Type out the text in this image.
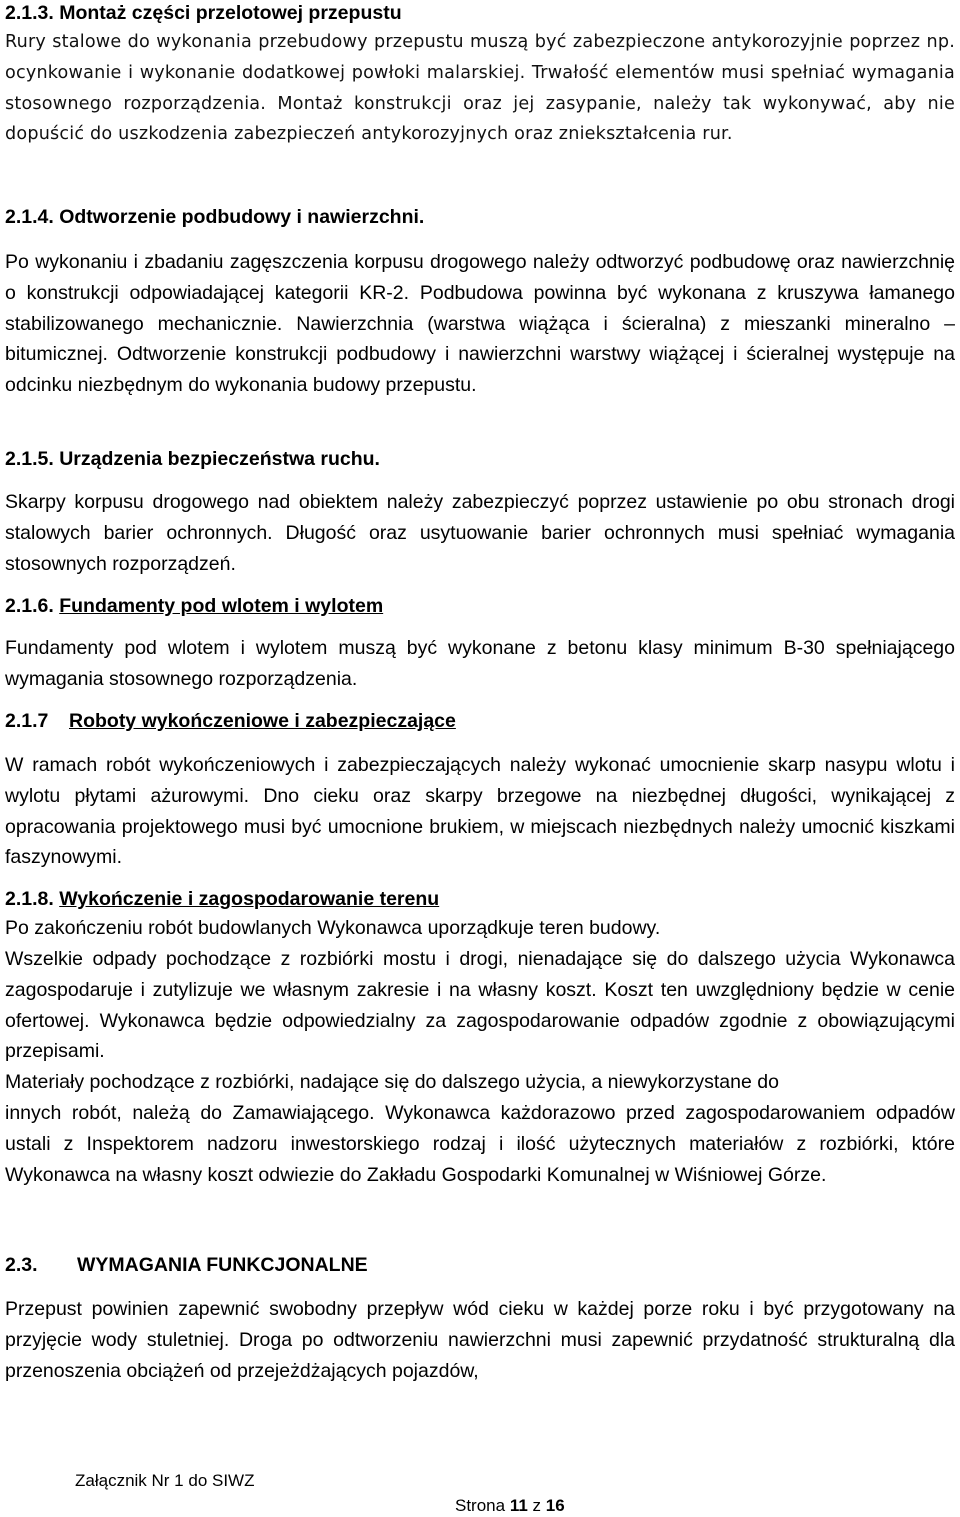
2.1.3. Montaż części przelotowej przepustu
Rury stalowe do wykonania przebudowy przepustu muszą być zabezpieczone antykorozyjnie poprzez np. ocynkowanie i wykonanie dodatkowej powłoki malarskiej. Trwałość elementów musi spełniać wymagania stosownego rozporządzenia. Montaż konstrukcji oraz jej zasypanie, należy tak wykonywać, aby nie dopuścić do uszkodzenia zabezpieczeń antykorozyjnych oraz zniekształcenia rur.
2.1.4. Odtworzenie podbudowy i nawierzchni.
Po wykonaniu i zbadaniu zagęszczenia korpusu drogowego należy odtworzyć podbudowę oraz nawierzchnię o konstrukcji odpowiadającej kategorii KR-2. Podbudowa powinna być wykonana z kruszywa łamanego stabilizowanego mechanicznie. Nawierzchnia (warstwa wiążąca i ścieralna) z mieszanki mineralno – bitumicznej. Odtworzenie konstrukcji podbudowy i nawierzchni warstwy wiążącej i ścieralnej występuje na odcinku niezbędnym do wykonania budowy przepustu.
2.1.5. Urządzenia bezpieczeństwa ruchu.
Skarpy korpusu drogowego nad obiektem należy zabezpieczyć poprzez ustawienie po obu stronach drogi stalowych barier ochronnych. Długość oraz usytuowanie barier ochronnych musi spełniać wymagania stosownych rozporządzeń.
2.1.6. Fundamenty pod wlotem i wylotem
Fundamenty pod wlotem i wylotem muszą być wykonane z betonu klasy minimum B-30 spełniającego wymagania stosownego rozporządzenia.
2.1.7 Roboty wykończeniowe i zabezpieczające
W ramach robót wykończeniowych i zabezpieczających należy wykonać umocnienie skarp nasypu wlotu i wylotu płytami ażurowymi. Dno cieku oraz skarpy brzegowe na niezbędnej długości, wynikającej z opracowania projektowego musi być umocnione brukiem, w miejscach niezbędnych należy umocnić kiszkami faszynowymi.
2.1.8. Wykończenie i zagospodarowanie terenu
Po zakończeniu robót budowlanych Wykonawca uporządkuje teren budowy.
Wszelkie odpady pochodzące z rozbiórki mostu i drogi, nienadające się do dalszego użycia Wykonawca zagospodaruje i zutylizuje we własnym zakresie i na własny koszt. Koszt ten uwzględniony będzie w cenie ofertowej. Wykonawca będzie odpowiedzialny za zagospodarowanie odpadów zgodnie z obowiązującymi przepisami.
Materiały pochodzące z rozbiórki, nadające się do dalszego użycia, a niewykorzystane do
innych robót, należą do Zamawiającego. Wykonawca każdorazowo przed zagospodarowaniem odpadów ustali z Inspektorem nadzoru inwestorskiego rodzaj i ilość użytecznych materiałów z rozbiórki, które Wykonawca na własny koszt odwiezie do Zakładu Gospodarki Komunalnej w Wiśniowej Górze.
2.3. WYMAGANIA FUNKCJONALNE
Przepust powinien zapewnić swobodny przepływ wód cieku w każdej porze roku i być przygotowany na przyjęcie wody stuletniej. Droga po odtworzeniu nawierzchni musi zapewnić przydatność strukturalną dla przenoszenia obciążeń od przejeżdżających pojazdów,
Załącznik Nr 1 do SIWZ
Strona 11 z 16
